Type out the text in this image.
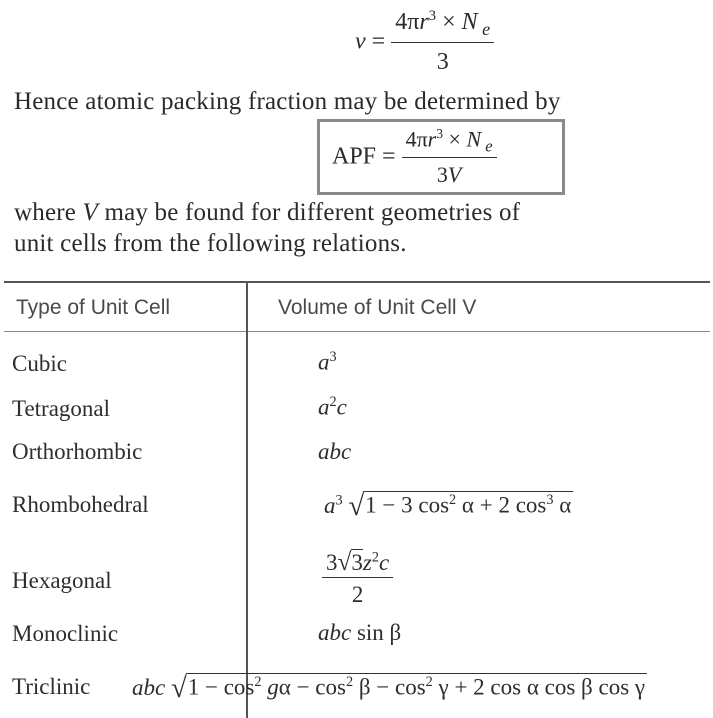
$v = \frac{4\pi r^3 \times N _e}{3}$
Hence atomic packing fraction may be determined by
APF = $\frac{4\pi r^3 \times N _e}{3V}$
where V may be found for different geometries of
unit cells from the following relations.
Type of Unit Cell	Volume of Unit Cell V
Cubic
Tetragonal
Orthorhombic
Rhombohedral
Hexagonal
Monoclinic
Triclinic
$a^3$
$a^2c$
abc
$a^3$ √1 − 3 $\cos^2 \alpha + 2$ $\cos^3 \alpha$
$\frac{3√3z^2c}{2}$
abc sin β
abc $√1 - \cos^2 g\alpha - \cos^2 \beta - \cos^2 \gamma + 2$ cos α cos β cos γ
